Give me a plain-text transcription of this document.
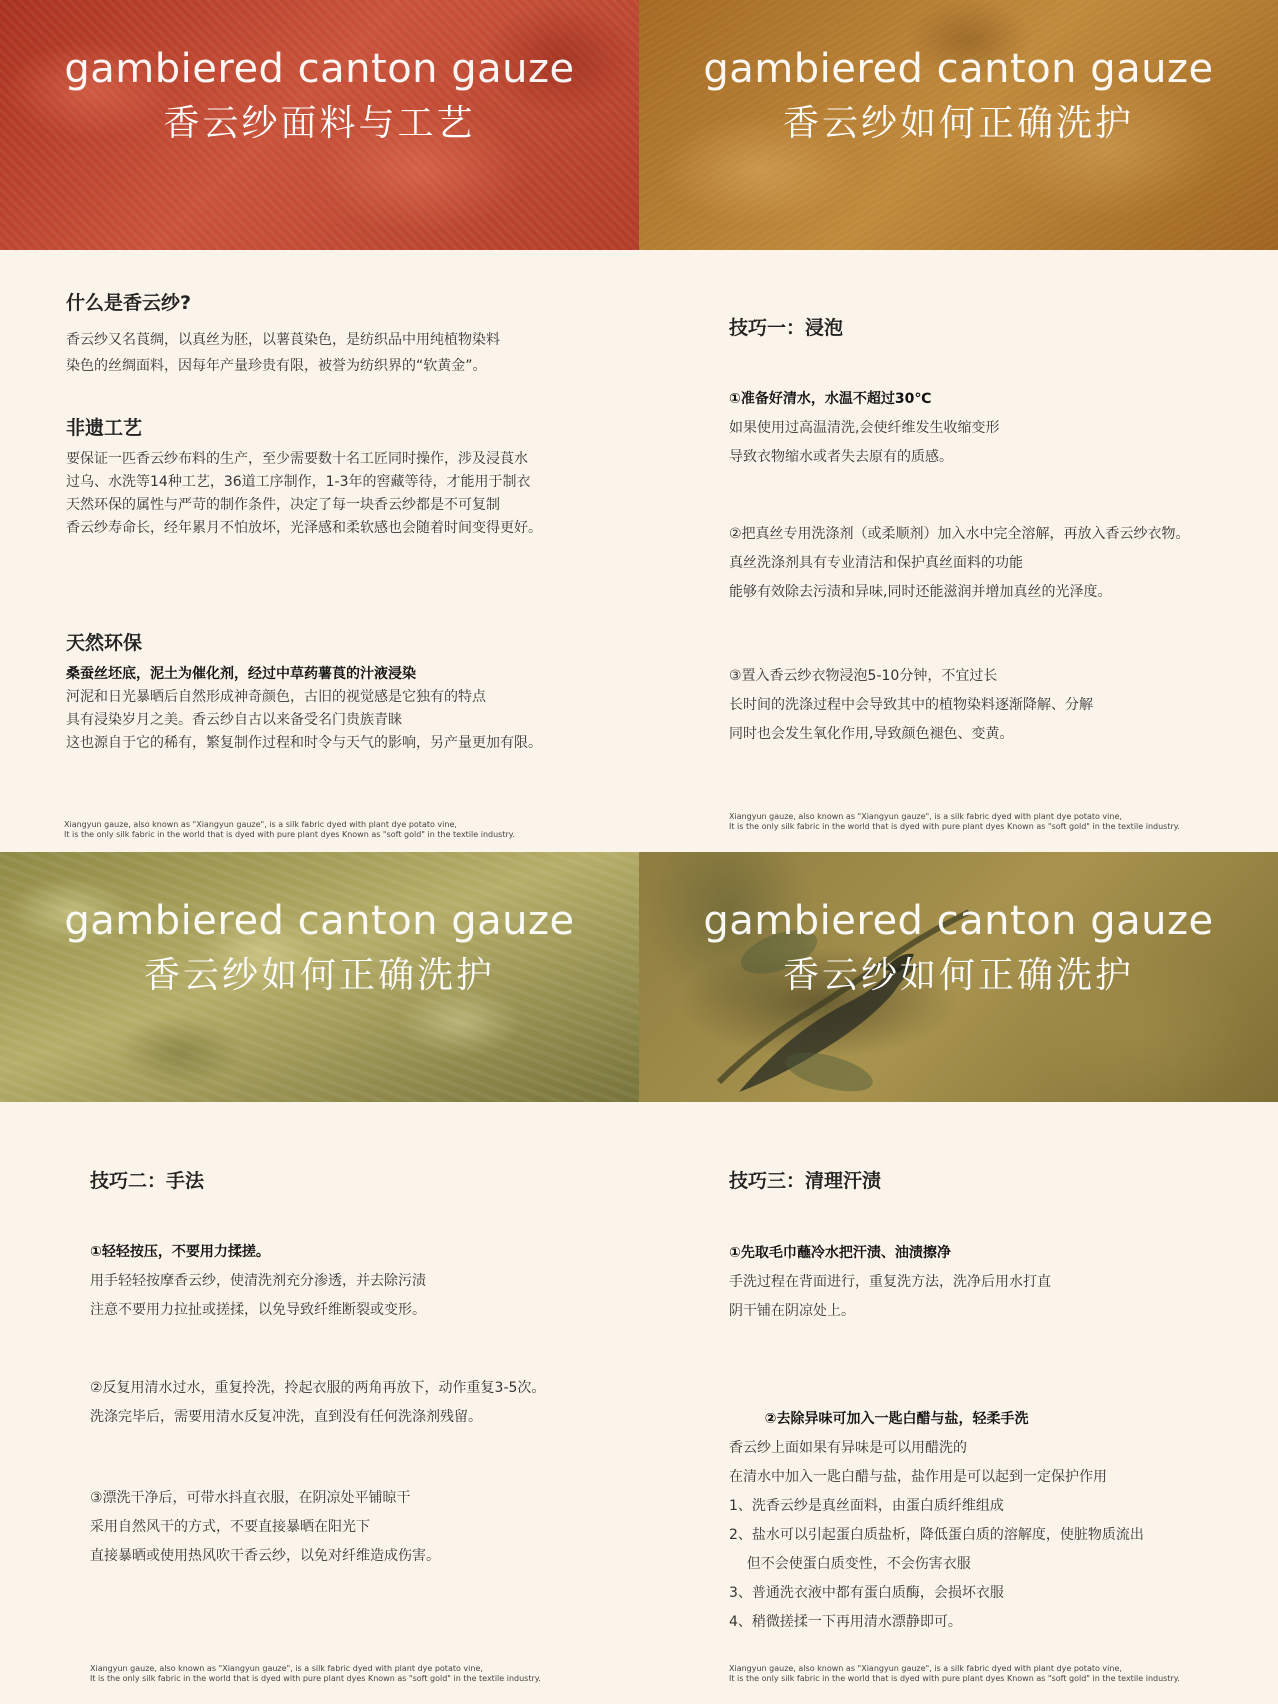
gambiered canton gauze
香云纱面料与工艺
什么是香云纱?

香云纱又名莨绸，以真丝为胚，以薯莨染色，是纺织品中用纯植物染料
染色的丝绸面料，因每年产量珍贵有限，被誉为纺织界的“软黄金”。

非遗工艺

要保证一匹香云纱布料的生产，至少需要数十名工匠同时操作，涉及浸莨水
过乌、水洗等14种工艺，36道工序制作，1-3年的窖藏等待，才能用于制衣
天然环保的属性与严苛的制作条件，决定了每一块香云纱都是不可复制
香云纱寿命长，经年累月不怕放坏，光泽感和柔软感也会随着时间变得更好。

天然环保

桑蚕丝坯底，泥土为催化剂，经过中草药薯莨的汁液浸染
河泥和日光暴晒后自然形成神奇颜色，古旧的视觉感是它独有的特点
具有浸染岁月之美。香云纱自古以来备受名门贵族青睐
这也源自于它的稀有，繁复制作过程和时令与天气的影响，另产量更加有限。

Xiangyun gauze, also known as "Xiangyun gauze", is a silk fabric dyed with plant dye potato vine,
It is the only silk fabric in the world that is dyed with pure plant dyes Known as "soft gold" in the textile industry.
gambiered canton gauze
香云纱如何正确洗护
技巧一：浸泡

①准备好清水，水温不超过30℃
如果使用过高温清洗,会使纤维发生收缩变形
导致衣物缩水或者失去原有的质感。

②把真丝专用洗涤剂（或柔顺剂）加入水中完全溶解，再放入香云纱衣物。
真丝洗涤剂具有专业清洁和保护真丝面料的功能
能够有效除去污渍和异味,同时还能滋润并增加真丝的光泽度。

③置入香云纱衣物浸泡5-10分钟，不宜过长
长时间的洗涤过程中会导致其中的植物染料逐渐降解、分解
同时也会发生氧化作用,导致颜色褪色、变黄。

Xiangyun gauze, also known as "Xiangyun gauze", is a silk fabric dyed with plant dye potato vine,
It is the only silk fabric in the world that is dyed with pure plant dyes Known as "soft gold" in the textile industry.
gambiered canton gauze
香云纱如何正确洗护
技巧二：手法

①轻轻按压，不要用力揉搓。
用手轻轻按摩香云纱，使清洗剂充分渗透，并去除污渍
注意不要用力拉扯或搓揉，以免导致纤维断裂或变形。

②反复用清水过水，重复拎洗，拎起衣服的两角再放下，动作重复3-5次。
洗涤完毕后，需要用清水反复冲洗，直到没有任何洗涤剂残留。

③漂洗干净后，可带水抖直衣服，在阴凉处平铺晾干
采用自然风干的方式，不要直接暴晒在阳光下
直接暴晒或使用热风吹干香云纱，以免对纤维造成伤害。

Xiangyun gauze, also known as "Xiangyun gauze", is a silk fabric dyed with plant dye potato vine,
It is the only silk fabric in the world that is dyed with pure plant dyes Known as "soft gold" in the textile industry.
gambiered canton gauze
香云纱如何正确洗护
技巧三：清理汗渍

①先取毛巾蘸冷水把汗渍、油渍擦净
手洗过程在背面进行，重复洗方法，洗净后用水打直
阴干铺在阴凉处上。

②去除异味可加入一匙白醋与盐，轻柔手洗
香云纱上面如果有异味是可以用醋洗的
在清水中加入一匙白醋与盐，盐作用是可以起到一定保护作用
1、洗香云纱是真丝面料，由蛋白质纤维组成
2、盐水可以引起蛋白质盐析，降低蛋白质的溶解度，使脏物质流出
但不会使蛋白质变性，不会伤害衣服
3、普通洗衣液中都有蛋白质酶，会损坏衣服
4、稍微搓揉一下再用清水漂静即可。

Xiangyun gauze, also known as "Xiangyun gauze", is a silk fabric dyed with plant dye potato vine,
It is the only silk fabric in the world that is dyed with pure plant dyes Known as "soft gold" in the textile industry.
